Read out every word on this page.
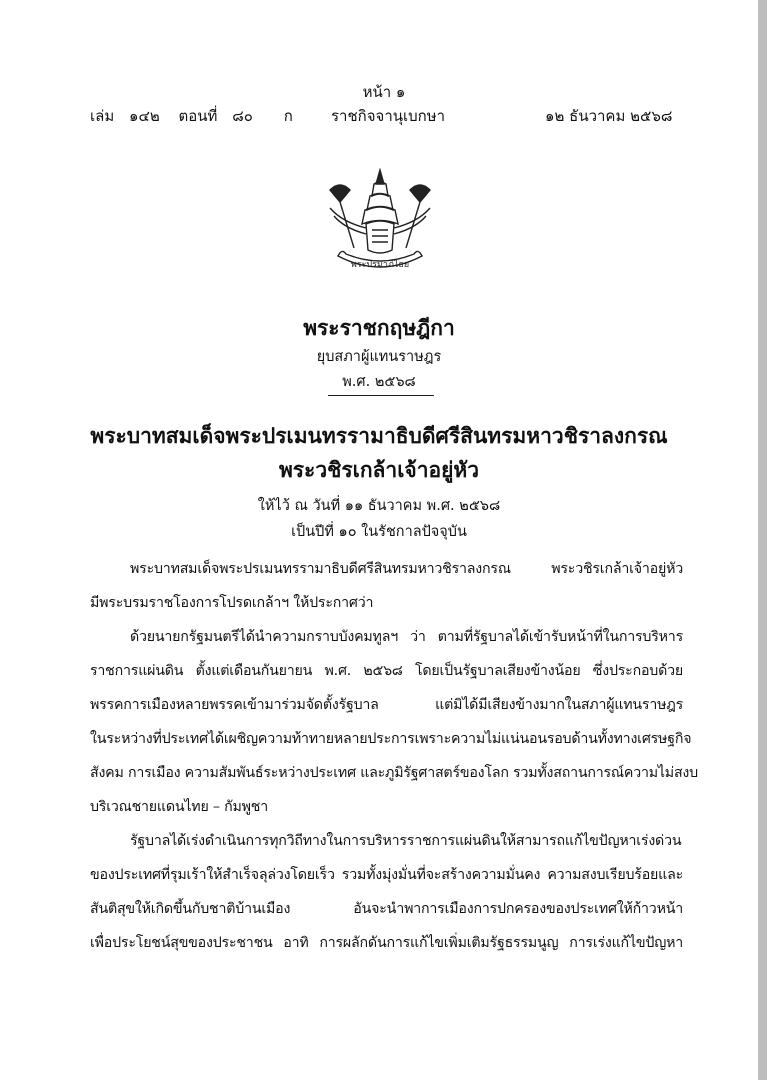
หน้า ๑
เล่ม ๑๔๒ ตอนที่ ๘๐ ก	ราชกิจจานุเบกษา	๑๒ ธันวาคม ๒๕๖๘
พระปรมาภิไธย
พระราชกฤษฎีกา
ยุบสภาผู้แทนราษฎร
พ.ศ. ๒๕๖๘
พระบาทสมเด็จพระปรเมนทรรามาธิบดีศรีสินทรมหาวชิราลงกรณ
พระวชิรเกล้าเจ้าอยู่หัว
ให้ไว้ ณ วันที่ ๑๑ ธันวาคม พ.ศ. ๒๕๖๘
เป็นปีที่ ๑๐ ในรัชกาลปัจจุบัน
พระบาทสมเด็จพระปรเมนทรรามาธิบดีศรีสินทรมหาวชิราลงกรณ พระวชิรเกล้าเจ้าอยู่หัว
มีพระบรมราชโองการโปรดเกล้าฯ ให้ประกาศว่า
ด้วยนายกรัฐมนตรีได้นำความกราบบังคมทูลฯ ว่า ตามที่รัฐบาลได้เข้ารับหน้าที่ในการบริหาร
ราชการแผ่นดิน ตั้งแต่เดือนกันยายน พ.ศ. ๒๕๖๘ โดยเป็นรัฐบาลเสียงข้างน้อย ซึ่งประกอบด้วย
พรรคการเมืองหลายพรรคเข้ามาร่วมจัดตั้งรัฐบาล แต่มิได้มีเสียงข้างมากในสภาผู้แทนราษฎร
ในระหว่างที่ประเทศได้เผชิญความท้าทายหลายประการเพราะความไม่แน่นอนรอบด้านทั้งทางเศรษฐกิจ
สังคม การเมือง ความสัมพันธ์ระหว่างประเทศ และภูมิรัฐศาสตร์ของโลก รวมทั้งสถานการณ์ความไม่สงบ
บริเวณชายแดนไทย – กัมพูชา
รัฐบาลได้เร่งดำเนินการทุกวิถีทางในการบริหารราชการแผ่นดินให้สามารถแก้ไขปัญหาเร่งด่วน
ของประเทศที่รุมเร้าให้สำเร็จลุล่วงโดยเร็ว รวมทั้งมุ่งมั่นที่จะสร้างความมั่นคง ความสงบเรียบร้อยและ
สันติสุขให้เกิดขึ้นกับชาติบ้านเมือง อันจะนำพาการเมืองการปกครองของประเทศให้ก้าวหน้า
เพื่อประโยชน์สุขของประชาชน อาทิ การผลักดันการแก้ไขเพิ่มเติมรัฐธรรมนูญ การเร่งแก้ไขปัญหา
